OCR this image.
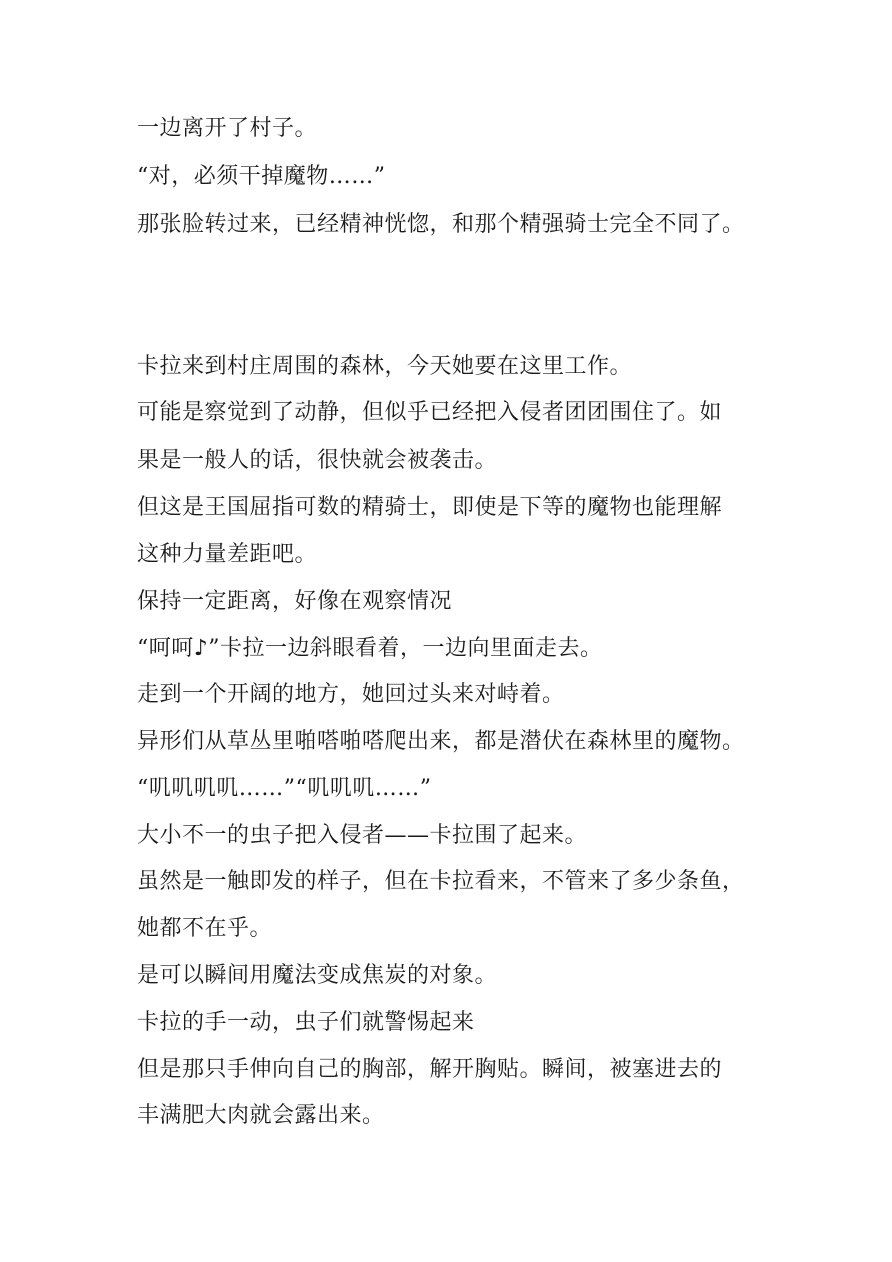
一边离开了村子。

“对，必须干掉魔物……”

那张脸转过来，已经精神恍惚，和那个精强骑士完全不同了。

卡拉来到村庄周围的森林，今天她要在这里工作。

可能是察觉到了动静，但似乎已经把入侵者团团围住了。如

果是一般人的话，很快就会被袭击。

但这是王国屈指可数的精骑士，即使是下等的魔物也能理解

这种力量差距吧。

保持一定距离，好像在观察情况

“呵呵♪”卡拉一边斜眼看着，一边向里面走去。

走到一个开阔的地方，她回过头来对峙着。

异形们从草丛里啪嗒啪嗒爬出来，都是潜伏在森林里的魔物。

“叽叽叽叽……”“叽叽叽……”

大小不一的虫子把入侵者——卡拉围了起来。

虽然是一触即发的样子，但在卡拉看来，不管来了多少条鱼，

她都不在乎。

是可以瞬间用魔法变成焦炭的对象。

卡拉的手一动，虫子们就警惕起来

但是那只手伸向自己的胸部，解开胸贴。瞬间，被塞进去的

丰满肥大肉就会露出来。
